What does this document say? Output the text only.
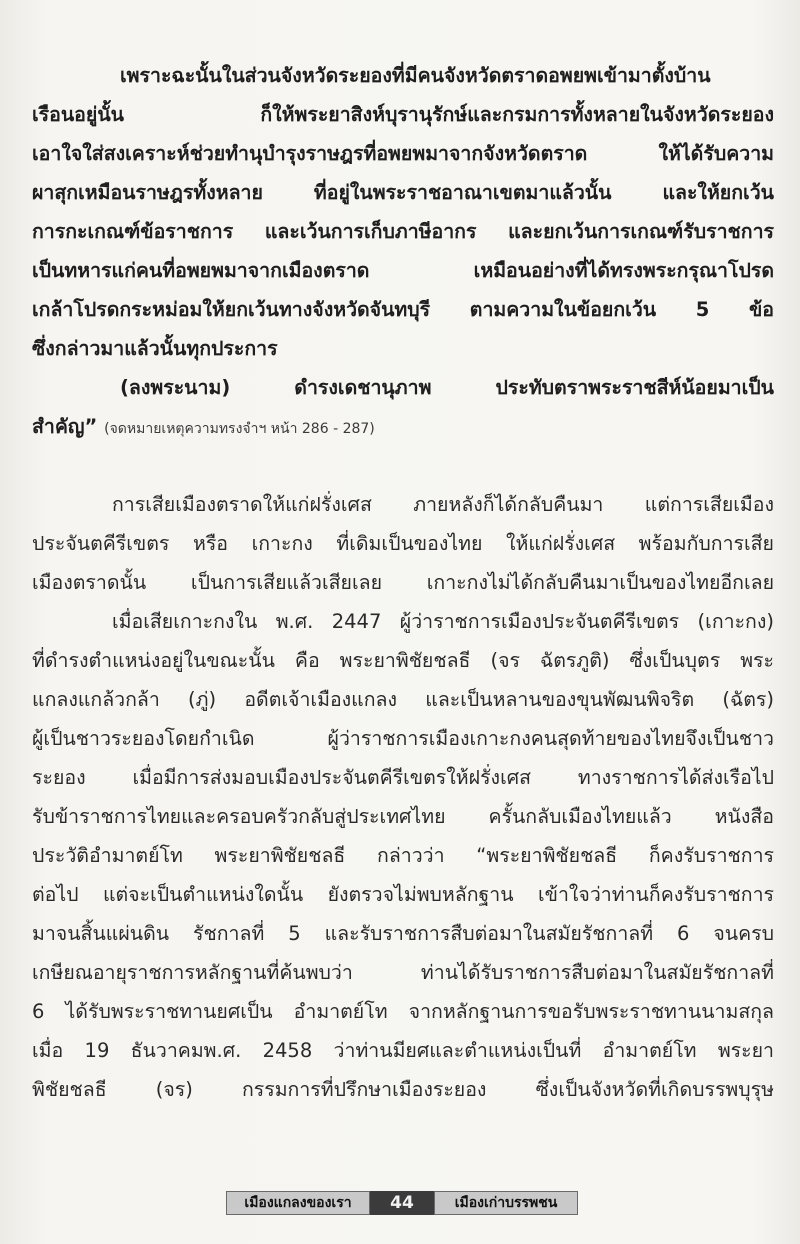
เพราะฉะนั้นในส่วนจังหวัดระยองที่มีคนจังหวัดตราดอพยพเข้ามาตั้งบ้าน
เรือนอยู่นั้น ก็ให้พระยาสิงห์บุรานุรักษ์และกรมการทั้งหลายในจังหวัดระยอง
เอาใจใส่สงเคราะห์ช่วยทำนุบำรุงราษฎรที่อพยพมาจากจังหวัดตราด ให้ได้รับความ
ผาสุกเหมือนราษฎรทั้งหลาย ที่อยู่ในพระราชอาณาเขตมาแล้วนั้น และให้ยกเว้น
การกะเกณฑ์ข้อราชการ และเว้นการเก็บภาษีอากร และยกเว้นการเกณฑ์รับราชการ
เป็นทหารแก่คนที่อพยพมาจากเมืองตราด เหมือนอย่างที่ได้ทรงพระกรุณาโปรด
เกล้าโปรดกระหม่อมให้ยกเว้นทางจังหวัดจันทบุรี ตามความในข้อยกเว้น 5 ข้อ
ซึ่งกล่าวมาแล้วนั้นทุกประการ
(ลงพระนาม) ดำรงเดชานุภาพ ประทับตราพระราชสีห์น้อยมาเป็น
สำคัญ” (จดหมายเหตุความทรงจำฯ หน้า 286 - 287)
การเสียเมืองตราดให้แก่ฝรั่งเศส ภายหลังก็ได้กลับคืนมา แต่การเสียเมือง
ประจันตคีรีเขตร หรือ เกาะกง ที่เดิมเป็นของไทย ให้แก่ฝรั่งเศส พร้อมกับการเสีย
เมืองตราดนั้น เป็นการเสียแล้วเสียเลย เกาะกงไม่ได้กลับคืนมาเป็นของไทยอีกเลย
เมื่อเสียเกาะกงใน พ.ศ. 2447 ผู้ว่าราชการเมืองประจันตคีรีเขตร (เกาะกง)
ที่ดำรงตำแหน่งอยู่ในขณะนั้น คือ พระยาพิชัยชลธี (จร ฉัตรภูติ) ซึ่งเป็นบุตร พระ
แกลงแกล้วกล้า (ภู่) อดีตเจ้าเมืองแกลง และเป็นหลานของขุนพัฒนพิจริต (ฉัตร)
ผู้เป็นชาวระยองโดยกำเนิด ผู้ว่าราชการเมืองเกาะกงคนสุดท้ายของไทยจึงเป็นชาว
ระยอง เมื่อมีการส่งมอบเมืองประจันตคีรีเขตรให้ฝรั่งเศส ทางราชการได้ส่งเรือไป
รับข้าราชการไทยและครอบครัวกลับสู่ประเทศไทย ครั้นกลับเมืองไทยแล้ว หนังสือ
ประวัติอำมาตย์โท พระยาพิชัยชลธี กล่าวว่า “พระยาพิชัยชลธี ก็คงรับราชการ
ต่อไป แต่จะเป็นตำแหน่งใดนั้น ยังตรวจไม่พบหลักฐาน เข้าใจว่าท่านก็คงรับราชการ
มาจนสิ้นแผ่นดิน รัชกาลที่ 5 และรับราชการสืบต่อมาในสมัยรัชกาลที่ 6 จนครบ
เกษียณอายุราชการหลักฐานที่ค้นพบว่า ท่านได้รับราชการสืบต่อมาในสมัยรัชกาลที่
6 ได้รับพระราชทานยศเป็น อำมาตย์โท จากหลักฐานการขอรับพระราชทานนามสกุล
เมื่อ 19 ธันวาคมพ.ศ. 2458 ว่าท่านมียศและตำแหน่งเป็นที่ อำมาตย์โท พระยา
พิชัยชลธี (จร) กรรมการที่ปรึกษาเมืองระยอง ซึ่งเป็นจังหวัดที่เกิดบรรพบุรุษ
เมืองแกลงของเรา	44	เมืองเก่าบรรพชน
